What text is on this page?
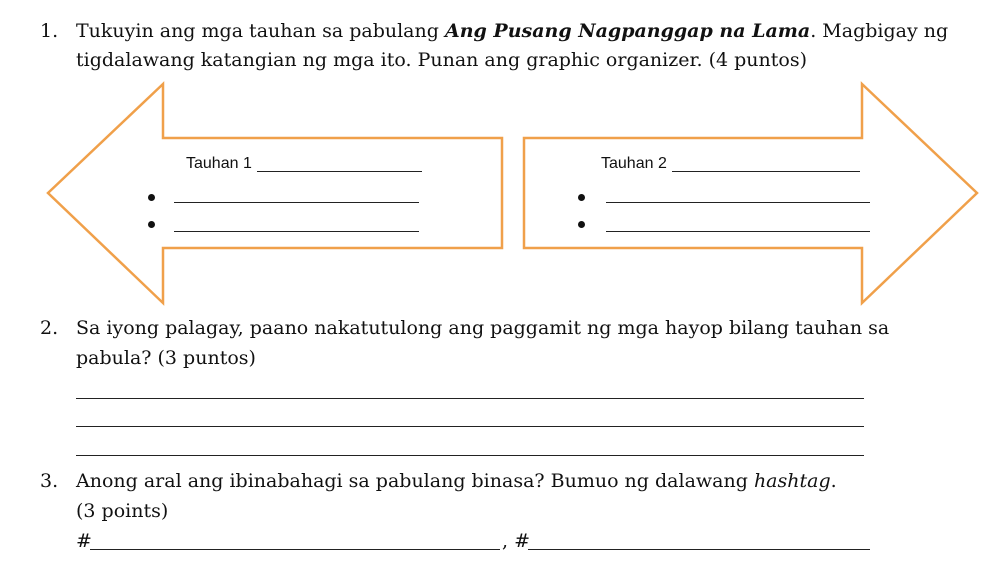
1. Tukuyin ang mga tauhan sa pabulang Ang Pusang Nagpanggap na Lama. Magbigay ng
tigdalawang katangian ng mga ito. Punan ang graphic organizer. (4 puntos)
Tauhan 1	Tauhan 2
2. Sa iyong palagay, paano nakatutulong ang paggamit ng mga hayop bilang tauhan sa
pabula? (3 puntos)
3. Anong aral ang ibinabahagi sa pabulang binasa? Bumuo ng dalawang hashtag.
(3 points)
#	, #
